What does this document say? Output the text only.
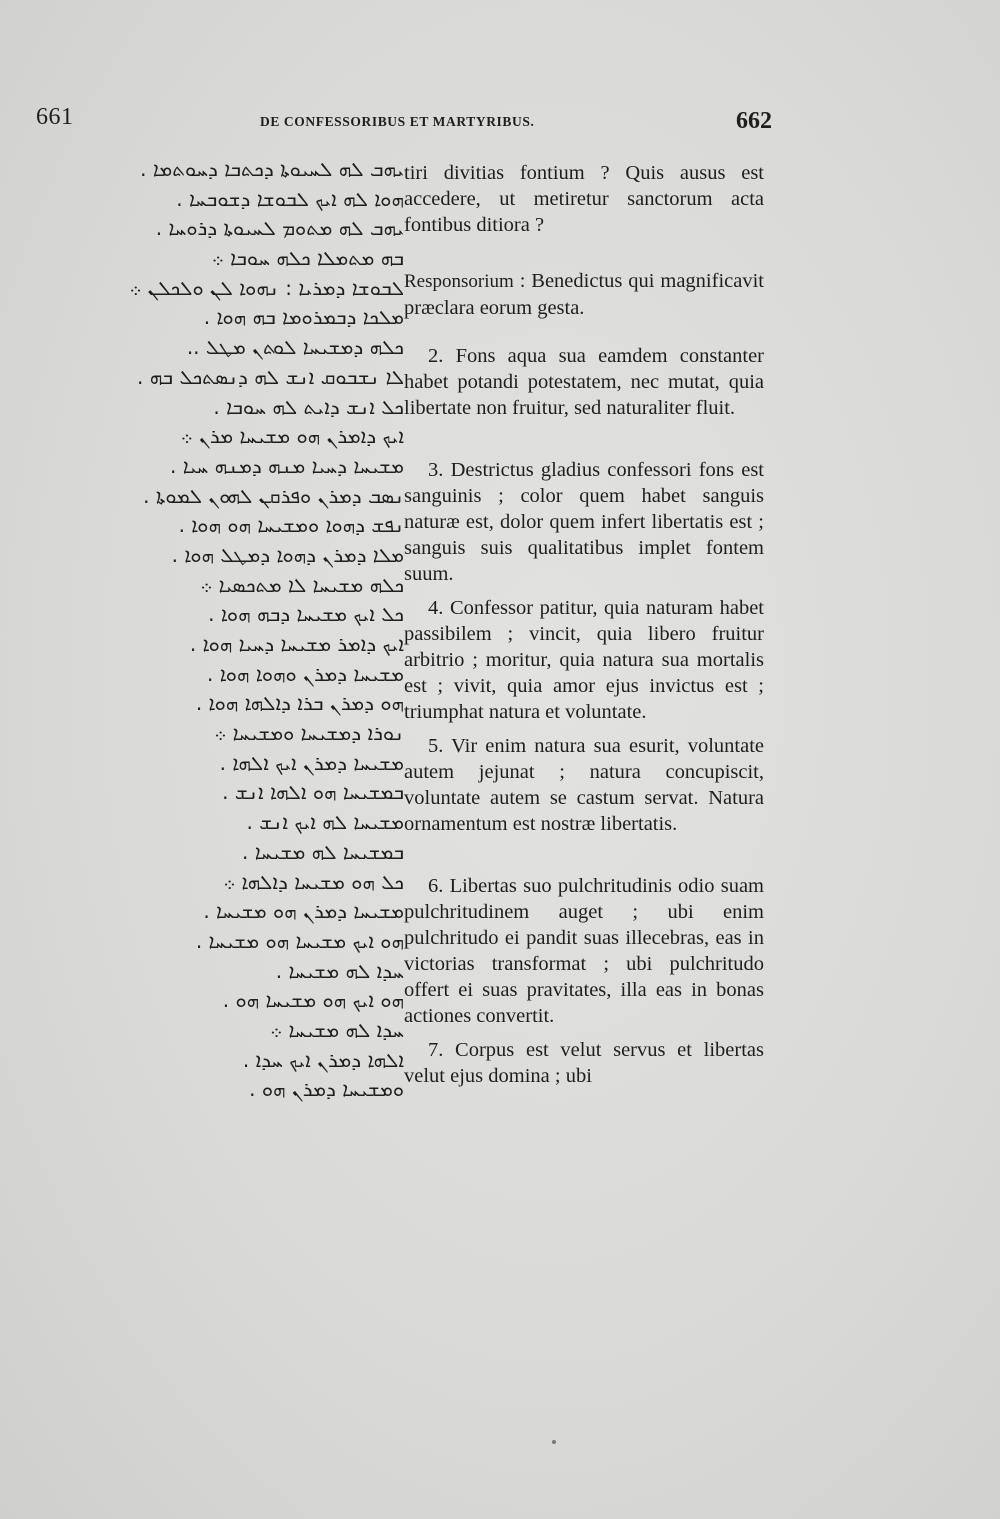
661	DE CONFESSORIBUS ET MARTYRIBUS.	662
ܝܗܒ ܠܗ ܠܚܝܘܬܐ ܕܟܬܒܐ ܕܚܘܬܡܐ .
ܗܘܐ ܠܗ ܐܝܟ ܠܒܘܫܐ ܕܫܘܒܚܐ .
ܝܗܒ ܠܗ ܡܬܘܡ ܠܚܝܘܬܐ ܕܪܘܚܐ .
ܒܗ ܡܬܡܠܐ ܟܠܗ ܚܘܒܐ ܀
ܠܒܘܫܐ ܕܡܪܝܐ : ܢܗܘܐ ܠܢ ܘܠܟܠܢ ܀
ܡܠܟܐ ܕܒܡܪܘܡܐ ܒܗ ܗܘܐ .
ܟܠܗ ܕܡܫܝܚܐ ܠܘܬܢ ܡܛܠ ..
ܠܐ ܢܫܒܘܩ ܐܢܫ ܠܗ ܕܢܣܬܟܠ ܒܗ .
ܟܠ ܐܢܫ ܕܐܝܬ ܠܗ ܚܘܒܐ .
ܐܝܟ ܕܐܡܪܢ ܗܘ ܡܫܝܚܐ ܡܪܢ ܀
ܡܫܝܚܐ ܕܚܝܐ ܡܢܗ ܕܡܢܗ ܚܝܐ .
ܢܣܒ ܕܡܪܢ ܘܦܪܩܢ ܠܗܘܢ ܠܡܘܬܐ .
ܢܦܫ ܕܗܘܐ ܘܡܫܝܚܐ ܗܘ ܗܘܐ .
ܡܠܐ ܕܡܪܢ ܕܗܘܐ ܕܡܛܠ ܗܘܐ .
ܟܠܗ ܡܫܝܚܐ ܠܐ ܡܬܟܣܝܐ ܀
ܟܠ ܐܝܟ ܡܫܝܚܐ ܕܒܗ ܗܘܐ .
ܐܝܟ ܕܐܡܪ ܡܫܝܚܐ ܕܚܝܐ ܗܘܐ .
ܡܫܝܚܐ ܕܡܪܢ ܘܗܘܐ ܗܘܐ .
ܗܘ ܕܡܪܢ ܒܪܐ ܕܐܠܗܐ ܗܘܐ .
ܢܘܪܐ ܕܡܫܝܚܐ ܘܡܫܝܚܐ ܀
ܡܫܝܚܐ ܕܡܪܢ ܐܝܟ ܐܠܗܐ .
ܒܡܫܝܚܐ ܗܘ ܐܠܗܐ ܐܢܫ .
ܡܫܝܚܐ ܠܗ ܐܝܟ ܐܢܫ .
ܒܡܫܝܚܐ ܠܗ ܡܫܝܚܐ .
ܟܠ ܗܘ ܡܫܝܚܐ ܕܐܠܗܐ ܀
ܡܫܝܚܐ ܕܡܪܢ ܗܘ ܡܫܝܚܐ .
ܗܘ ܐܝܟ ܡܫܝܚܐ ܗܘ ܡܫܝܚܐ .
ܚܕܐ ܠܗ ܡܫܝܚܐ .
ܗܘ ܐܝܟ ܗܘ ܡܫܝܚܐ ܗܘ .
ܚܕܐ ܠܗ ܡܫܝܚܐ ܀
ܐܠܗܐ ܕܡܪܢ ܐܝܟ ܚܕܐ .
ܘܡܫܝܚܐ ܕܡܪܢ ܗܘ .

tiri divitias fontium ? Quis ausus est accedere, ut metiretur sanctorum acta fontibus ditiora ?

Responsorium : Benedictus qui magnificavit præclara eorum gesta.

2. Fons aqua sua eamdem constanter habet potandi potestatem, nec mutat, quia libertate non fruitur, sed naturaliter fluit.

3. Destrictus gladius confessori fons est sanguinis ; color quem habet sanguis naturæ est, dolor quem infert libertatis est ; sanguis suis qualitatibus implet fontem suum.

4. Confessor patitur, quia naturam habet passibilem ; vincit, quia libero fruitur arbitrio ; moritur, quia natura sua mortalis est ; vivit, quia amor ejus invictus est ; triumphat natura et voluntate.

5. Vir enim natura sua esurit, voluntate autem jejunat ; natura concupiscit, voluntate autem se castum servat. Natura ornamentum est nostræ libertatis.

6. Libertas suo pulchritudinis odio suam pulchritudinem auget ; ubi enim pulchritudo ei pandit suas illecebras, eas in victorias transformat ; ubi pulchritudo offert ei suas pravitates, illa eas in bonas actiones convertit.

7. Corpus est velut servus et libertas velut ejus domina ; ubi
